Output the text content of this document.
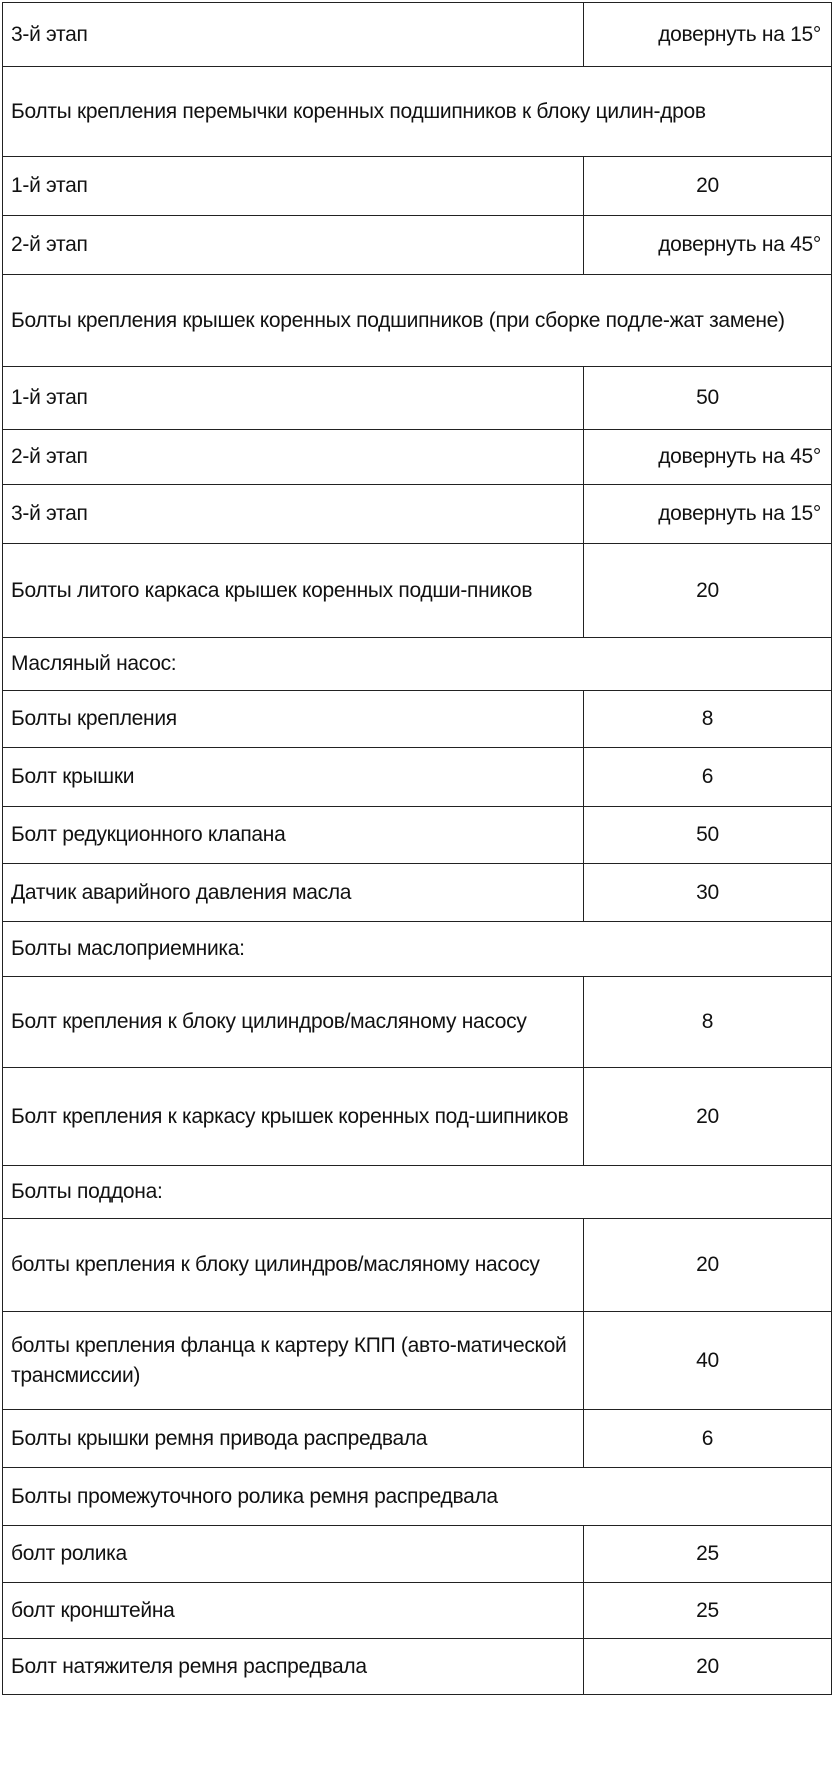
3-й этап	довернуть на 15°
Болты крепления перемычки коренных подшипников к блоку цилин-дров	
1-й этап	20
2-й этап	довернуть на 45°
Болты крепления крышек коренных подшипников (при сборке подле-жат замене)	
1-й этап	50
2-й этап	довернуть на 45°
3-й этап	довернуть на 15°
Болты литого каркаса крышек коренных подши-пников	20
Масляный насос:	
Болты крепления	8
Болт крышки	6
Болт редукционного клапана	50
Датчик аварийного давления масла	30
Болты маслоприемника:	
Болт крепления к блоку цилиндров/масляному насосу	8
Болт крепления к каркасу крышек коренных под-шипников	20
Болты поддона:	
болты крепления к блоку цилиндров/масляному насосу	20
болты крепления фланца к картеру КПП (авто-матической трансмиссии)	40
Болты крышки ремня привода распредвала	6
Болты промежуточного ролика ремня распредвала	
болт ролика	25
болт кронштейна	25
Болт натяжителя ремня распредвала	20
